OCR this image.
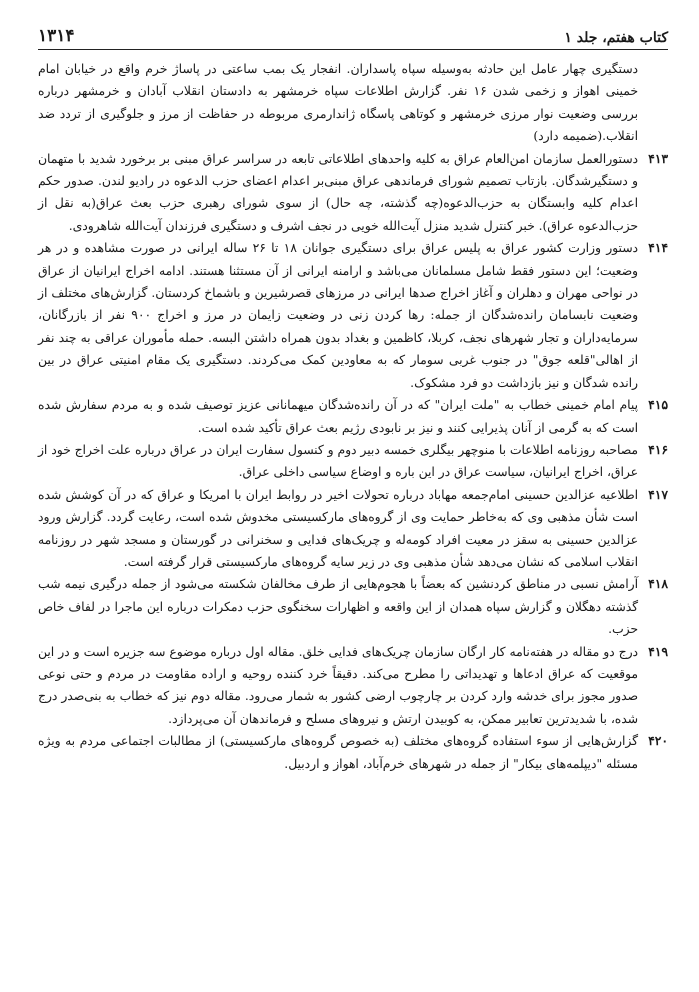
کتاب هفتم، جلد ۱
۱۳۱۴
دستگیری چهار عامل این حادثه به‌وسیله سپاه پاسداران. انفجار یک بمب ساعتی در پاساژ خرم واقع در خیابان امام خمینی اهواز و زخمی شدن ۱۶ نفر. گزارش اطلاعات سپاه خرمشهر به دادستان انقلاب آبادان و خرمشهر درباره بررسی وضعیت نوار مرزی خرمشهر و کوتاهی پاسگاه ژاندارمری مربوطه در حفاظت از مرز و جلوگیری از تردد ضد انقلاب.(ضمیمه دارد)
۴۱۳
دستورالعمل سازمان امن‌العام عراق به کلیه واحدهای اطلاعاتی تابعه در سراسر عراق مبنی بر برخورد شدید با متهمان و دستگیرشدگان. بازتاب تصمیم شورای فرماندهی عراق مبنی‌بر اعدام اعضای حزب الدعوه در رادیو لندن. صدور حکم اعدام کلیه وابستگان به حزب‌الدعوه(چه گذشته، چه حال) از سوی شورای رهبری حزب بعث عراق(به نقل از حزب‌الدعوه عراق). خبر کنترل شدید منزل آیت‌الله خویی در نجف اشرف و دستگیری فرزندان آیت‌الله شاهرودی.
۴۱۴
دستور وزارت کشور عراق به پلیس عراق برای دستگیری جوانان ۱۸ تا ۲۶ ساله ایرانی در صورت مشاهده و در هر وضعیت؛ این دستور فقط شامل مسلمانان می‌باشد و ارامنه ایرانی از آن مستثنا هستند. ادامه اخراج ایرانیان از عراق در نواحی مهران و دهلران و آغاز اخراج صدها ایرانی در مرزهای قصرشیرین و باشماخ کردستان. گزارش‌های مختلف از وضعیت نابسامان رانده‌شدگان از جمله: رها کردن زنی در وضعیت زایمان در مرز و اخراج ۹۰۰ نفر از بازرگانان، سرمایه‌داران و تجار شهرهای نجف، کربلا، کاظمین و بغداد بدون همراه داشتن البسه. حمله مأموران عراقی به چند نفر از اهالی"قلعه جوق" در جنوب غربی سومار که به معاودین کمک می‌کردند. دستگیری یک مقام امنیتی عراق در بین رانده شدگان و نیز بازداشت دو فرد مشکوک.
۴۱۵
پیام امام خمینی خطاب به "ملت ایران" که در آن رانده‌شدگان میهمانانی عزیز توصیف شده و به مردم سفارش شده است که به گرمی از آنان پذیرایی کنند و نیز بر نابودی رژیم بعث عراق تأکید شده است.
۴۱۶
مصاحبه روزنامه اطلاعات با منوچهر بیگلری خمسه دبیر دوم و کنسول سفارت ایران در عراق درباره علت اخراج خود از عراق، اخراج ایرانیان، سیاست عراق در این باره و اوضاع سیاسی داخلی عراق.
۴۱۷
اطلاعیه عزالدین حسینی امام‌جمعه مهاباد درباره تحولات اخیر در روابط ایران با امریکا و عراق که در آن کوشش شده است شأن مذهبی وی که به‌خاطر حمایت وی از گروه‌های مارکسیستی مخدوش شده است، رعایت گردد. گزارش ورود عزالدین حسینی به سقز در معیت افراد کومه‌له و چریک‌های فدایی و سخنرانی در گورستان و مسجد شهر در روزنامه انقلاب اسلامی که نشان می‌دهد شأن مذهبی وی در زیر سایه گروه‌های مارکسیستی قرار گرفته است.
۴۱۸
آرامش نسبی در مناطق کردنشین که بعضاً با هجوم‌هایی از طرف مخالفان شکسته می‌شود از جمله درگیری نیمه شب گذشته دهگلان و گزارش سپاه همدان از این واقعه و اظهارات سخنگوی حزب دمکرات درباره این ماجرا در لفاف خاص حزب.
۴۱۹
درج دو مقاله در هفته‌نامه کار ارگان سازمان چریک‌های فدایی خلق. مقاله اول درباره موضوع سه جزیره است و در این موقعیت که عراق ادعاها و تهدیداتی را مطرح می‌کند. دقیقاً خرد کننده روحیه و اراده مقاومت در مردم و حتی نوعی صدور مجوز برای خدشه وارد کردن بر چارچوب ارضی کشور به شمار می‌رود. مقاله دوم نیز که خطاب به بنی‌صدر درج شده، با شدیدترین تعابیر ممکن، به کوبیدن ارتش و نیروهای مسلح و فرماندهان آن می‌پردازد.
۴۲۰
گزارش‌هایی از سوء استفاده گروه‌های مختلف (به خصوص گروه‌های مارکسیستی) از مطالبات اجتماعی مردم به ویژه مسئله "دیپلمه‌های بیکار" از جمله در شهرهای خرم‌آباد، اهواز و اردبیل.
